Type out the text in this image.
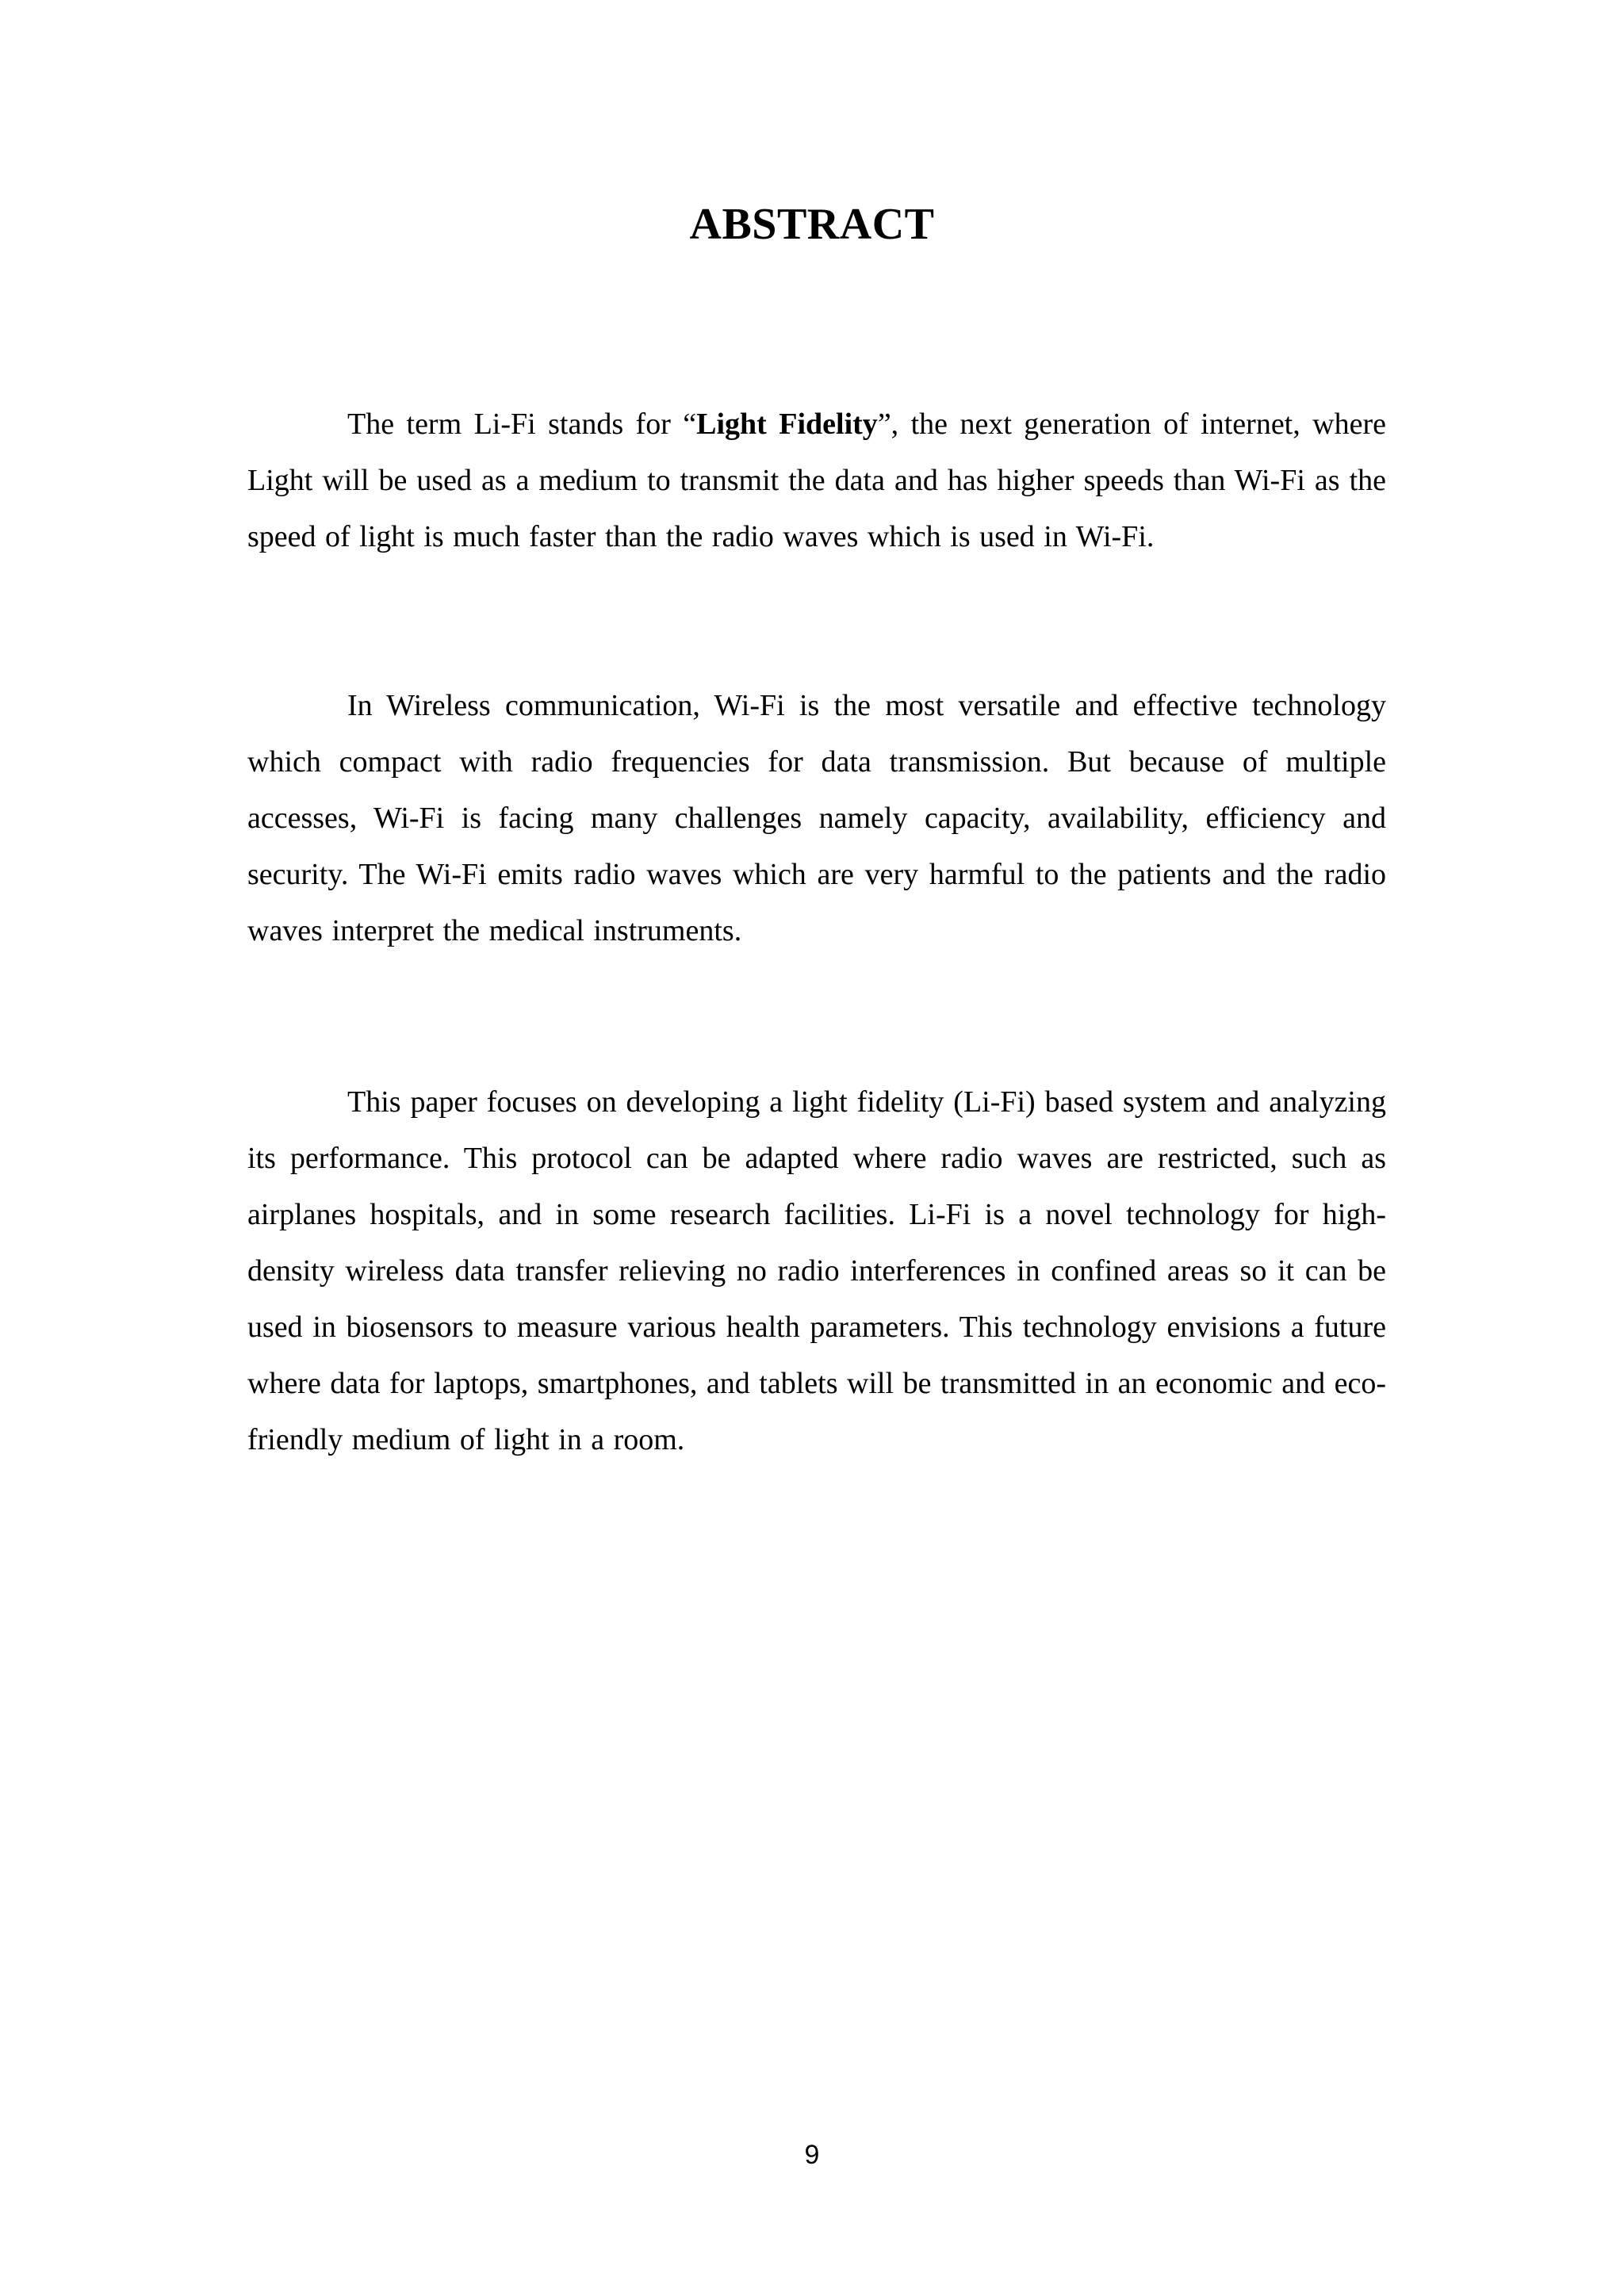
ABSTRACT

The term Li-Fi stands for “Light Fidelity”, the next generation of internet, where Light will be used as a medium to transmit the data and has higher speeds than Wi-Fi as the speed of light is much faster than the radio waves which is used in Wi-Fi.

In Wireless communication, Wi-Fi is the most versatile and effective technology which compact with radio frequencies for data transmission. But because of multiple accesses, Wi-Fi is facing many challenges namely capacity, availability, efficiency and security. The Wi-Fi emits radio waves which are very harmful to the patients and the radio waves interpret the medical instruments.

This paper focuses on developing a light fidelity (Li-Fi) based system and analyzing its performance. This protocol can be adapted where radio waves are restricted, such as airplanes hospitals, and in some research facilities. Li-Fi is a novel technology for high-density wireless data transfer relieving no radio interferences in confined areas so it can be used in biosensors to measure various health parameters. This technology envisions a future where data for laptops, smartphones, and tablets will be transmitted in an economic and eco-friendly medium of light in a room.

9
